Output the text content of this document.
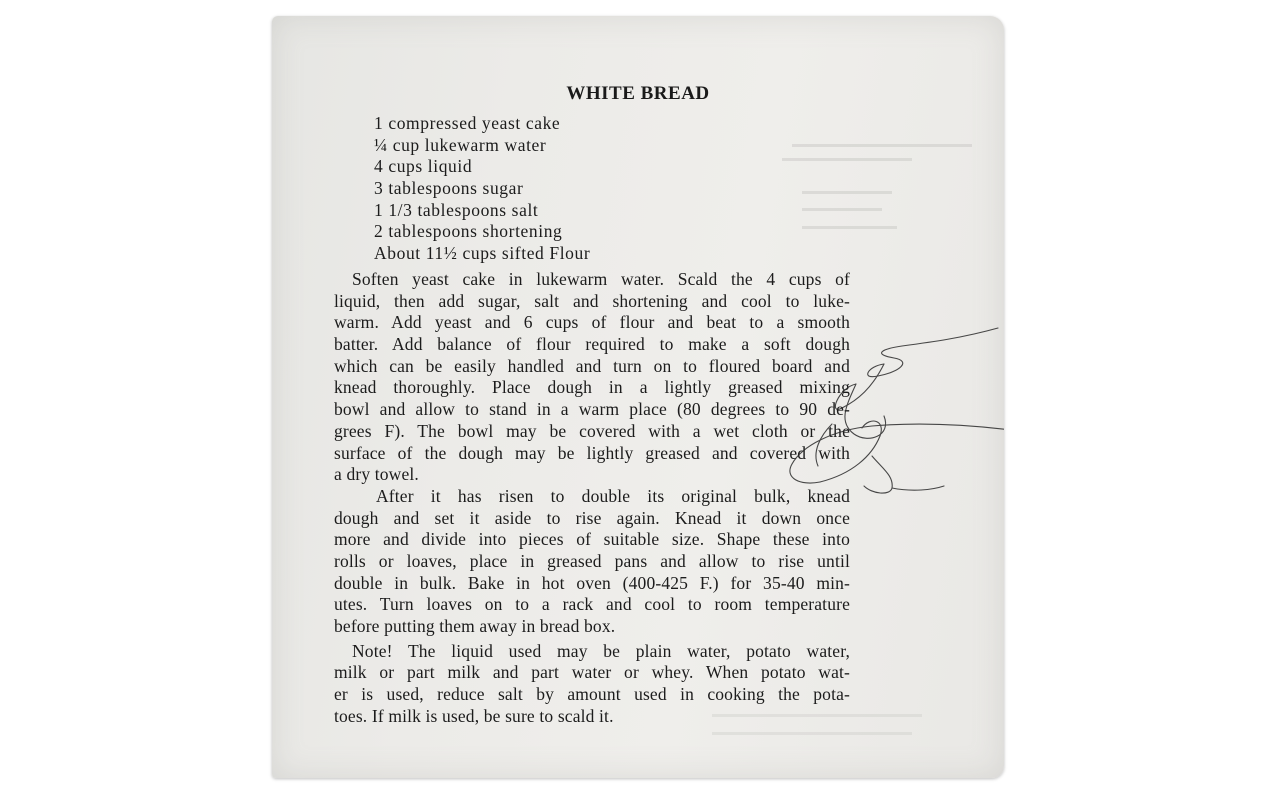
WHITE BREAD
1 compressed yeast cake
¼ cup lukewarm water
4 cups liquid
3 tablespoons sugar
1 1/3 tablespoons salt
2 tablespoons shortening
About 11½ cups sifted Flour
Soften yeast cake in lukewarm water. Scald the 4 cups of
liquid, then add sugar, salt and shortening and cool to luke-
warm. Add yeast and 6 cups of flour and beat to a smooth
batter. Add balance of flour required to make a soft dough
which can be easily handled and turn on to floured board and
knead thoroughly. Place dough in a lightly greased mixing
bowl and allow to stand in a warm place (80 degrees to 90 de-
grees F). The bowl may be covered with a wet cloth or the
surface of the dough may be lightly greased and covered with
a dry towel.
After it has risen to double its original bulk, knead
dough and set it aside to rise again. Knead it down once
more and divide into pieces of suitable size. Shape these into
rolls or loaves, place in greased pans and allow to rise until
double in bulk. Bake in hot oven (400-425 F.) for 35-40 min-
utes. Turn loaves on to a rack and cool to room temperature
before putting them away in bread box.
Note! The liquid used may be plain water, potato water,
milk or part milk and part water or whey. When potato wat-
er is used, reduce salt by amount used in cooking the pota-
toes. If milk is used, be sure to scald it.
